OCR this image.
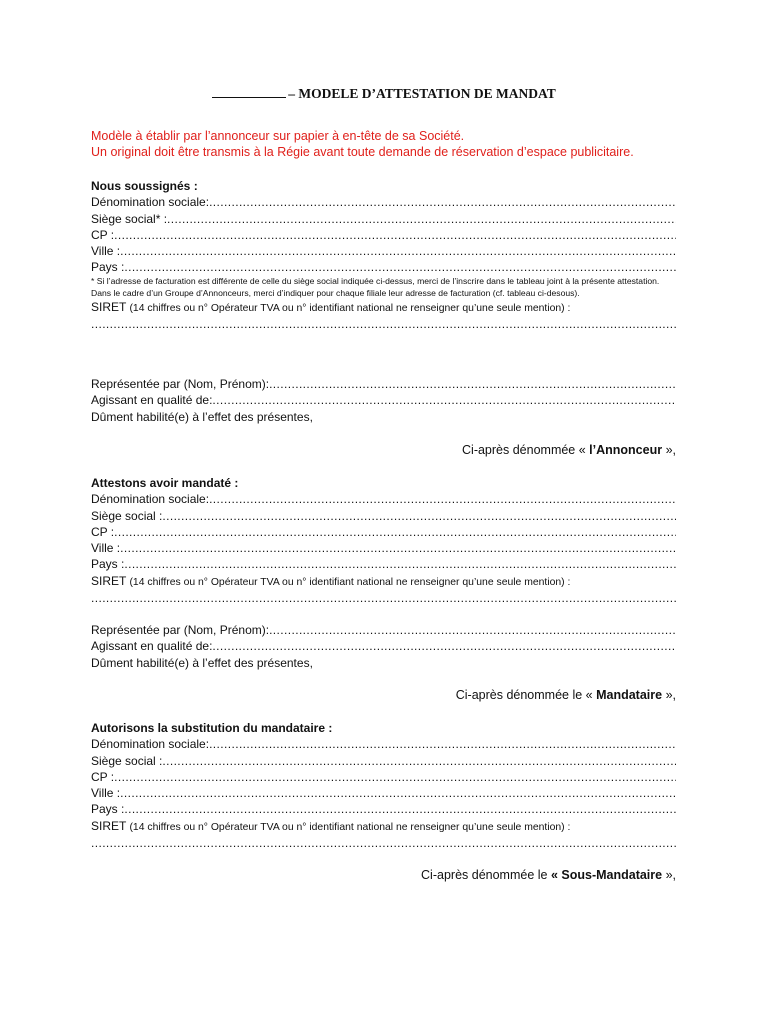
– MODELE D’ATTESTATION DE MANDAT
Modèle à établir par l’annonceur sur papier à en-tête de sa Société.
Un original doit être transmis à la Régie avant toute demande de réservation d’espace publicitaire.
Nous soussignés :
Dénomination sociale:
.....
Siège social* :
.....
CP :
.....
Ville :
.....
Pays :
.....
* Si l’adresse de facturation est différente de celle du siège social indiquée ci-dessus, merci de l’inscrire dans le tableau joint à la présente attestation.
Dans le cadre d’un Groupe d’Annonceurs, merci d’indiquer pour chaque filiale leur adresse de facturation (cf. tableau ci-desous).
SIRET (14 chiffres ou n° Opérateur TVA ou n° identifiant national ne renseigner qu’une seule mention) :
.....
Représentée par (Nom, Prénom):
.....
Agissant en qualité de:
.....
Dûment habilité(e) à l’effet des présentes,
Ci-après dénommée « l’Annonceur »,
Attestons avoir mandaté :
Dénomination sociale:
.....
Siège social :
.....
CP :
.....
Ville :
.....
Pays :
.....
SIRET (14 chiffres ou n° Opérateur TVA ou n° identifiant national ne renseigner qu’une seule mention) :
.....
Représentée par (Nom, Prénom):
.....
Agissant en qualité de:
.....
Dûment habilité(e) à l’effet des présentes,
Ci-après dénommée le « Mandataire »,
Autorisons la substitution du mandataire :
Dénomination sociale:
.....
Siège social :
.....
CP :
.....
Ville :
.....
Pays :
.....
SIRET (14 chiffres ou n° Opérateur TVA ou n° identifiant national ne renseigner qu’une seule mention) :
.....
Ci-après dénommée le « Sous-Mandataire »,
